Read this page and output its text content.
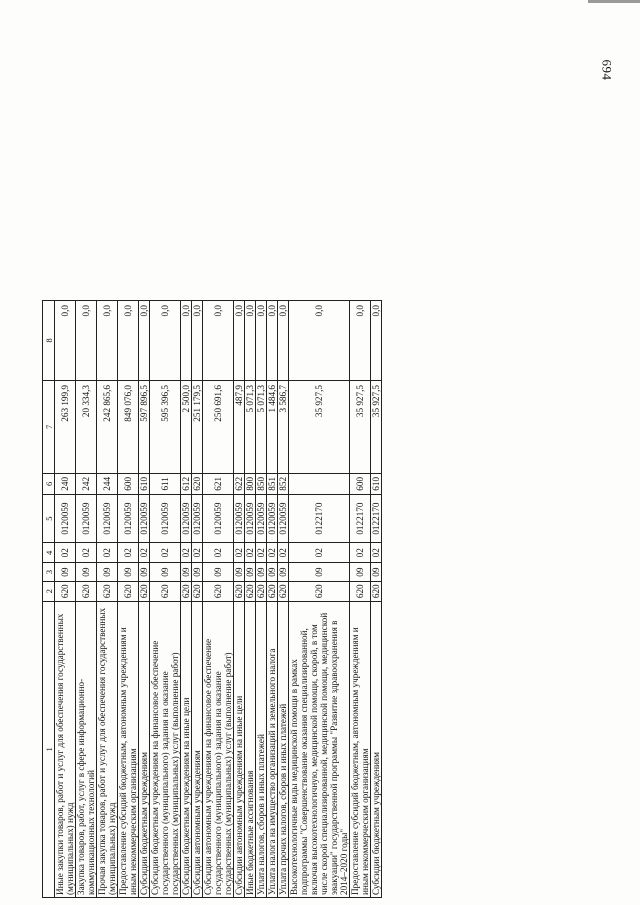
694
1	2	3	4	5	6	7	8
Иные закупки товаров, работ и услуг для обеспечения государственных (муниципальных) нужд	620	09	02	0120059	240	263 199,9	0,0
Закупка товаров, работ, услуг в сфере информационно-коммуникационных технологий	620	09	02	0120059	242	20 334,3	0,0
Прочая закупка товаров, работ и услуг для обеспечения государственных (муниципальных) нужд	620	09	02	0120059	244	242 865,6	0,0
Предоставление субсидий бюджетным, автономным учреждениям и иным некоммерческим организациям	620	09	02	0120059	600	849 076,0	0,0
Субсидии бюджетным учреждениям	620	09	02	0120059	610	597 896,5	0,0
Субсидии бюджетным учреждениям на финансовое обеспечение государственного (муниципального) задания на оказание государственных (муниципальных) услуг (выполнение работ)	620	09	02	0120059	611	595 396,5	0,0
Субсидии бюджетным учреждениям на иные цели	620	09	02	0120059	612	2 500,0	0,0
Субсидии автономным учреждениям	620	09	02	0120059	620	251 179,5	0,0
Субсидии автономным учреждениям на финансовое обеспечение государственного (муниципального) задания на оказание государственных (муниципальных) услуг (выполнение работ)	620	09	02	0120059	621	250 691,6	0,0
Субсидии автономным учреждениям на иные цели	620	09	02	0120059	622	487,9	0,0
Иные бюджетные ассигнования	620	09	02	0120059	800	5 071,3	0,0
Уплата налогов, сборов и иных платежей	620	09	02	0120059	850	5 071,3	0,0
Уплата налога на имущество организаций и земельного налога	620	09	02	0120059	851	1 484,6	0,0
Уплата прочих налогов, сборов и иных платежей	620	09	02	0120059	852	3 586,7	0,0
Высокотехнологичные виды медицинской помощи в рамках подпрограммы "Совершенствование оказания специализированной, включая высокотехнологичную, медицинской помощи, скорой, в том числе скорой специализированной, медицинской помощи, медицинской эвакуации" государственной программы "Развитие здравоохранения в 2014–2020 годы"	620	09	02	0122170		35 927,5	0,0
Предоставление субсидий бюджетным, автономным учреждениям и иным некоммерческим организациям	620	09	02	0122170	600	35 927,5	0,0
Субсидии бюджетным учреждениям	620	09	02	0122170	610	35 927,5	0,0
